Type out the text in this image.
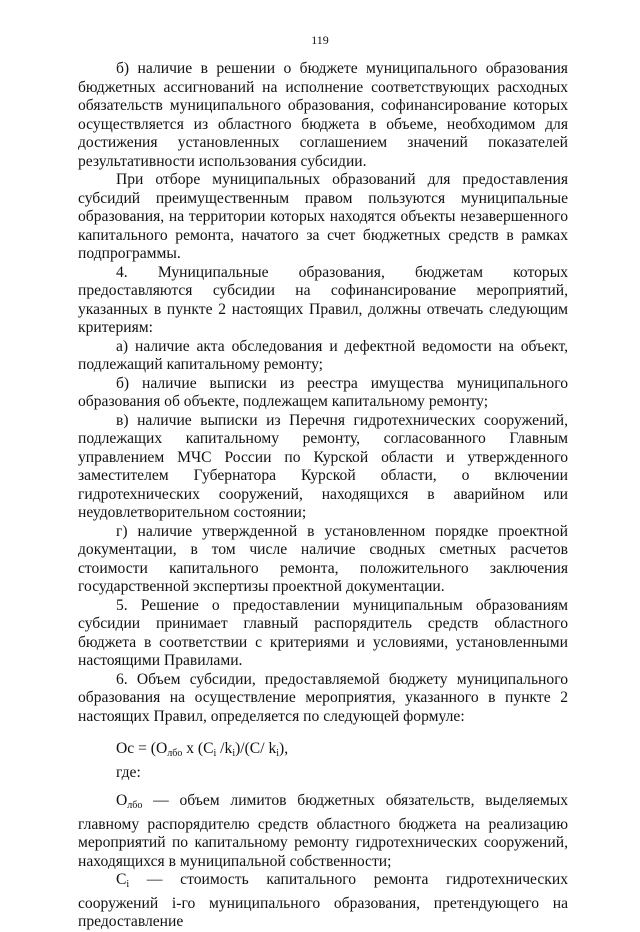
119

б) наличие в решении о бюджете муниципального образования бюджетных ассигнований на исполнение соответствующих расходных обязательств муниципального образования, софинансирование которых осуществляется из областного бюджета в объеме, необходимом для достижения установленных соглашением значений показателей результативности использования субсидии.

При отборе муниципальных образований для предоставления субсидий преимущественным правом пользуются муниципальные образования, на территории которых находятся объекты незавершенного капитального ремонта, начатого за счет бюджетных средств в рамках подпрограммы.

4. Муниципальные образования, бюджетам которых предоставляются субсидии на софинансирование мероприятий, указанных в пункте 2 настоящих Правил, должны отвечать следующим критериям:

а) наличие акта обследования и дефектной ведомости на объект, подлежащий капитальному ремонту;

б) наличие выписки из реестра имущества муниципального образования об объекте, подлежащем капитальному ремонту;

в) наличие выписки из Перечня гидротехнических сооружений, подлежащих капитальному ремонту, согласованного Главным управлением МЧС России по Курской области и утвержденного заместителем Губернатора Курской области, о включении гидротехнических сооружений, находящихся в аварийном или неудовлетворительном состоянии;

г) наличие утвержденной в установленном порядке проектной документации, в том числе наличие сводных сметных расчетов стоимости капитального ремонта, положительного заключения государственной экспертизы проектной документации.

5. Решение о предоставлении муниципальным образованиям субсидии принимает главный распорядитель средств областного бюджета в соответствии с критериями и условиями, установленными настоящими Правилами.

6. Объем субсидии, предоставляемой бюджету муниципального образования на осуществление мероприятия, указанного в пункте 2 настоящих Правил, определяется по следующей формуле:

Ос = (Олбо х (Ci /ki)/(C/ ki),

где:

Олбо — объем лимитов бюджетных обязательств, выделяемых главному распорядителю средств областного бюджета на реализацию мероприятий по капитальному ремонту гидротехнических сооружений, находящихся в муниципальной собственности;

Ci — стоимость капитального ремонта гидротехнических сооружений i-го муниципального образования, претендующего на предоставление
